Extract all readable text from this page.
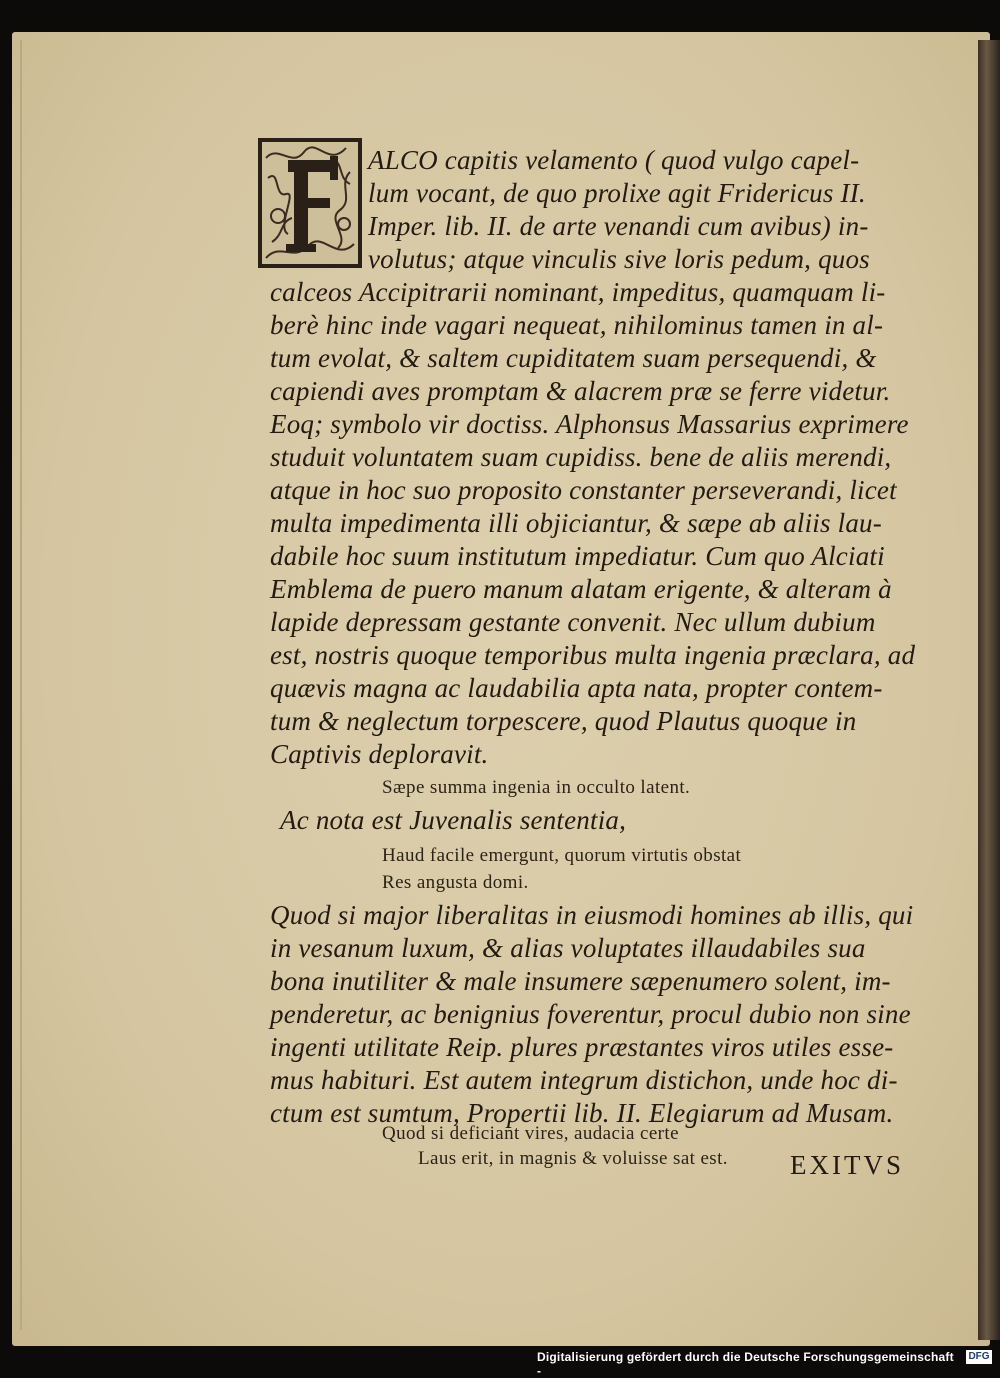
ALCO capitis velamento ( quod vulgo capel-

lum vocant, de quo prolixe agit Fridericus II.

Imper. lib. II. de arte venandi cum avibus) in-

volutus; atque vinculis sive loris pedum, quos

calceos Accipitrarii nominant, impeditus, quamquam li-

berè hinc inde vagari nequeat, nihilominus tamen in al-

tum evolat, & saltem cupiditatem suam persequendi, &

capiendi aves promptam & alacrem præ se ferre videtur.

Eoq; symbolo vir doctiss. Alphonsus Massarius exprimere

studuit voluntatem suam cupidiss. bene de aliis merendi,

atque in hoc suo proposito constanter perseverandi, licet

multa impedimenta illi objiciantur, & sæpe ab aliis lau-

dabile hoc suum institutum impediatur. Cum quo Alciati

Emblema de puero manum alatam erigente, & alteram à

lapide depressam gestante convenit. Nec ullum dubium

est, nostris quoque temporibus multa ingenia præclara, ad

quævis magna ac laudabilia apta nata, propter contem-

tum & neglectum torpescere, quod Plautus quoque in

Captivis deploravit.

Sæpe summa ingenia in occulto latent.

Ac nota est Juvenalis sententia,

Haud facile emergunt, quorum virtutis obstat

Res angusta domi.

Quod si major liberalitas in eiusmodi homines ab illis, qui

in vesanum luxum, & alias voluptates illaudabiles sua

bona inutiliter & male insumere sæpenumero solent, im-

penderetur, ac benignius foverentur, procul dubio non sine

ingenti utilitate Reip. plures præstantes viros utiles esse-

mus habituri. Est autem integrum distichon, unde hoc di-

ctum est sumtum, Propertii lib. II. Elegiarum ad Musam.

Quod si deficiant vires, audacia certe

Laus erit, in magnis & voluisse sat est. EXITVS

Digitalisierung gefördert durch die Deutsche Forschungsgemeinschaft -

DFG
